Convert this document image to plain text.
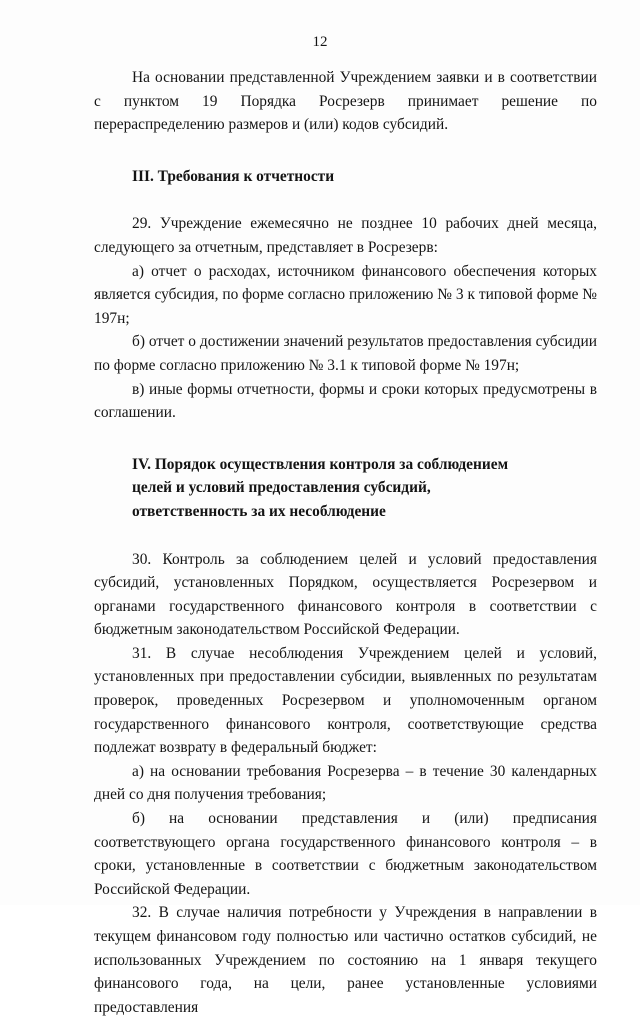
12

На основании представленной Учреждением заявки и в соответствии с пунктом 19 Порядка Росрезерв принимает решение по перераспределению размеров и (или) кодов субсидий.

III. Требования к отчетности

29. Учреждение ежемесячно не позднее 10 рабочих дней месяца, следующего за отчетным, представляет в Росрезерв:

а) отчет о расходах, источником финансового обеспечения которых является субсидия, по форме согласно приложению № 3 к типовой форме № 197н;

б) отчет о достижении значений результатов предоставления субсидии по форме согласно приложению № 3.1 к типовой форме № 197н;

в) иные формы отчетности, формы и сроки которых предусмотрены в соглашении.

IV. Порядок осуществления контроля за соблюдением
целей и условий предоставления субсидий,
ответственность за их несоблюдение

30. Контроль за соблюдением целей и условий предоставления субсидий, установленных Порядком, осуществляется Росрезервом и органами государственного финансового контроля в соответствии с бюджетным законодательством Российской Федерации.

31. В случае несоблюдения Учреждением целей и условий, установленных при предоставлении субсидии, выявленных по результатам проверок, проведенных Росрезервом и уполномоченным органом государственного финансового контроля, соответствующие средства подлежат возврату в федеральный бюджет:

а) на основании требования Росрезерва – в течение 30 календарных дней со дня получения требования;

б) на основании представления и (или) предписания соответствующего органа государственного финансового контроля – в сроки, установленные в соответствии с бюджетным законодательством Российской Федерации.

32. В случае наличия потребности у Учреждения в направлении в текущем финансовом году полностью или частично остатков субсидий, не использованных Учреждением по состоянию на 1 января текущего финансового года, на цели, ранее установленные условиями предоставления
